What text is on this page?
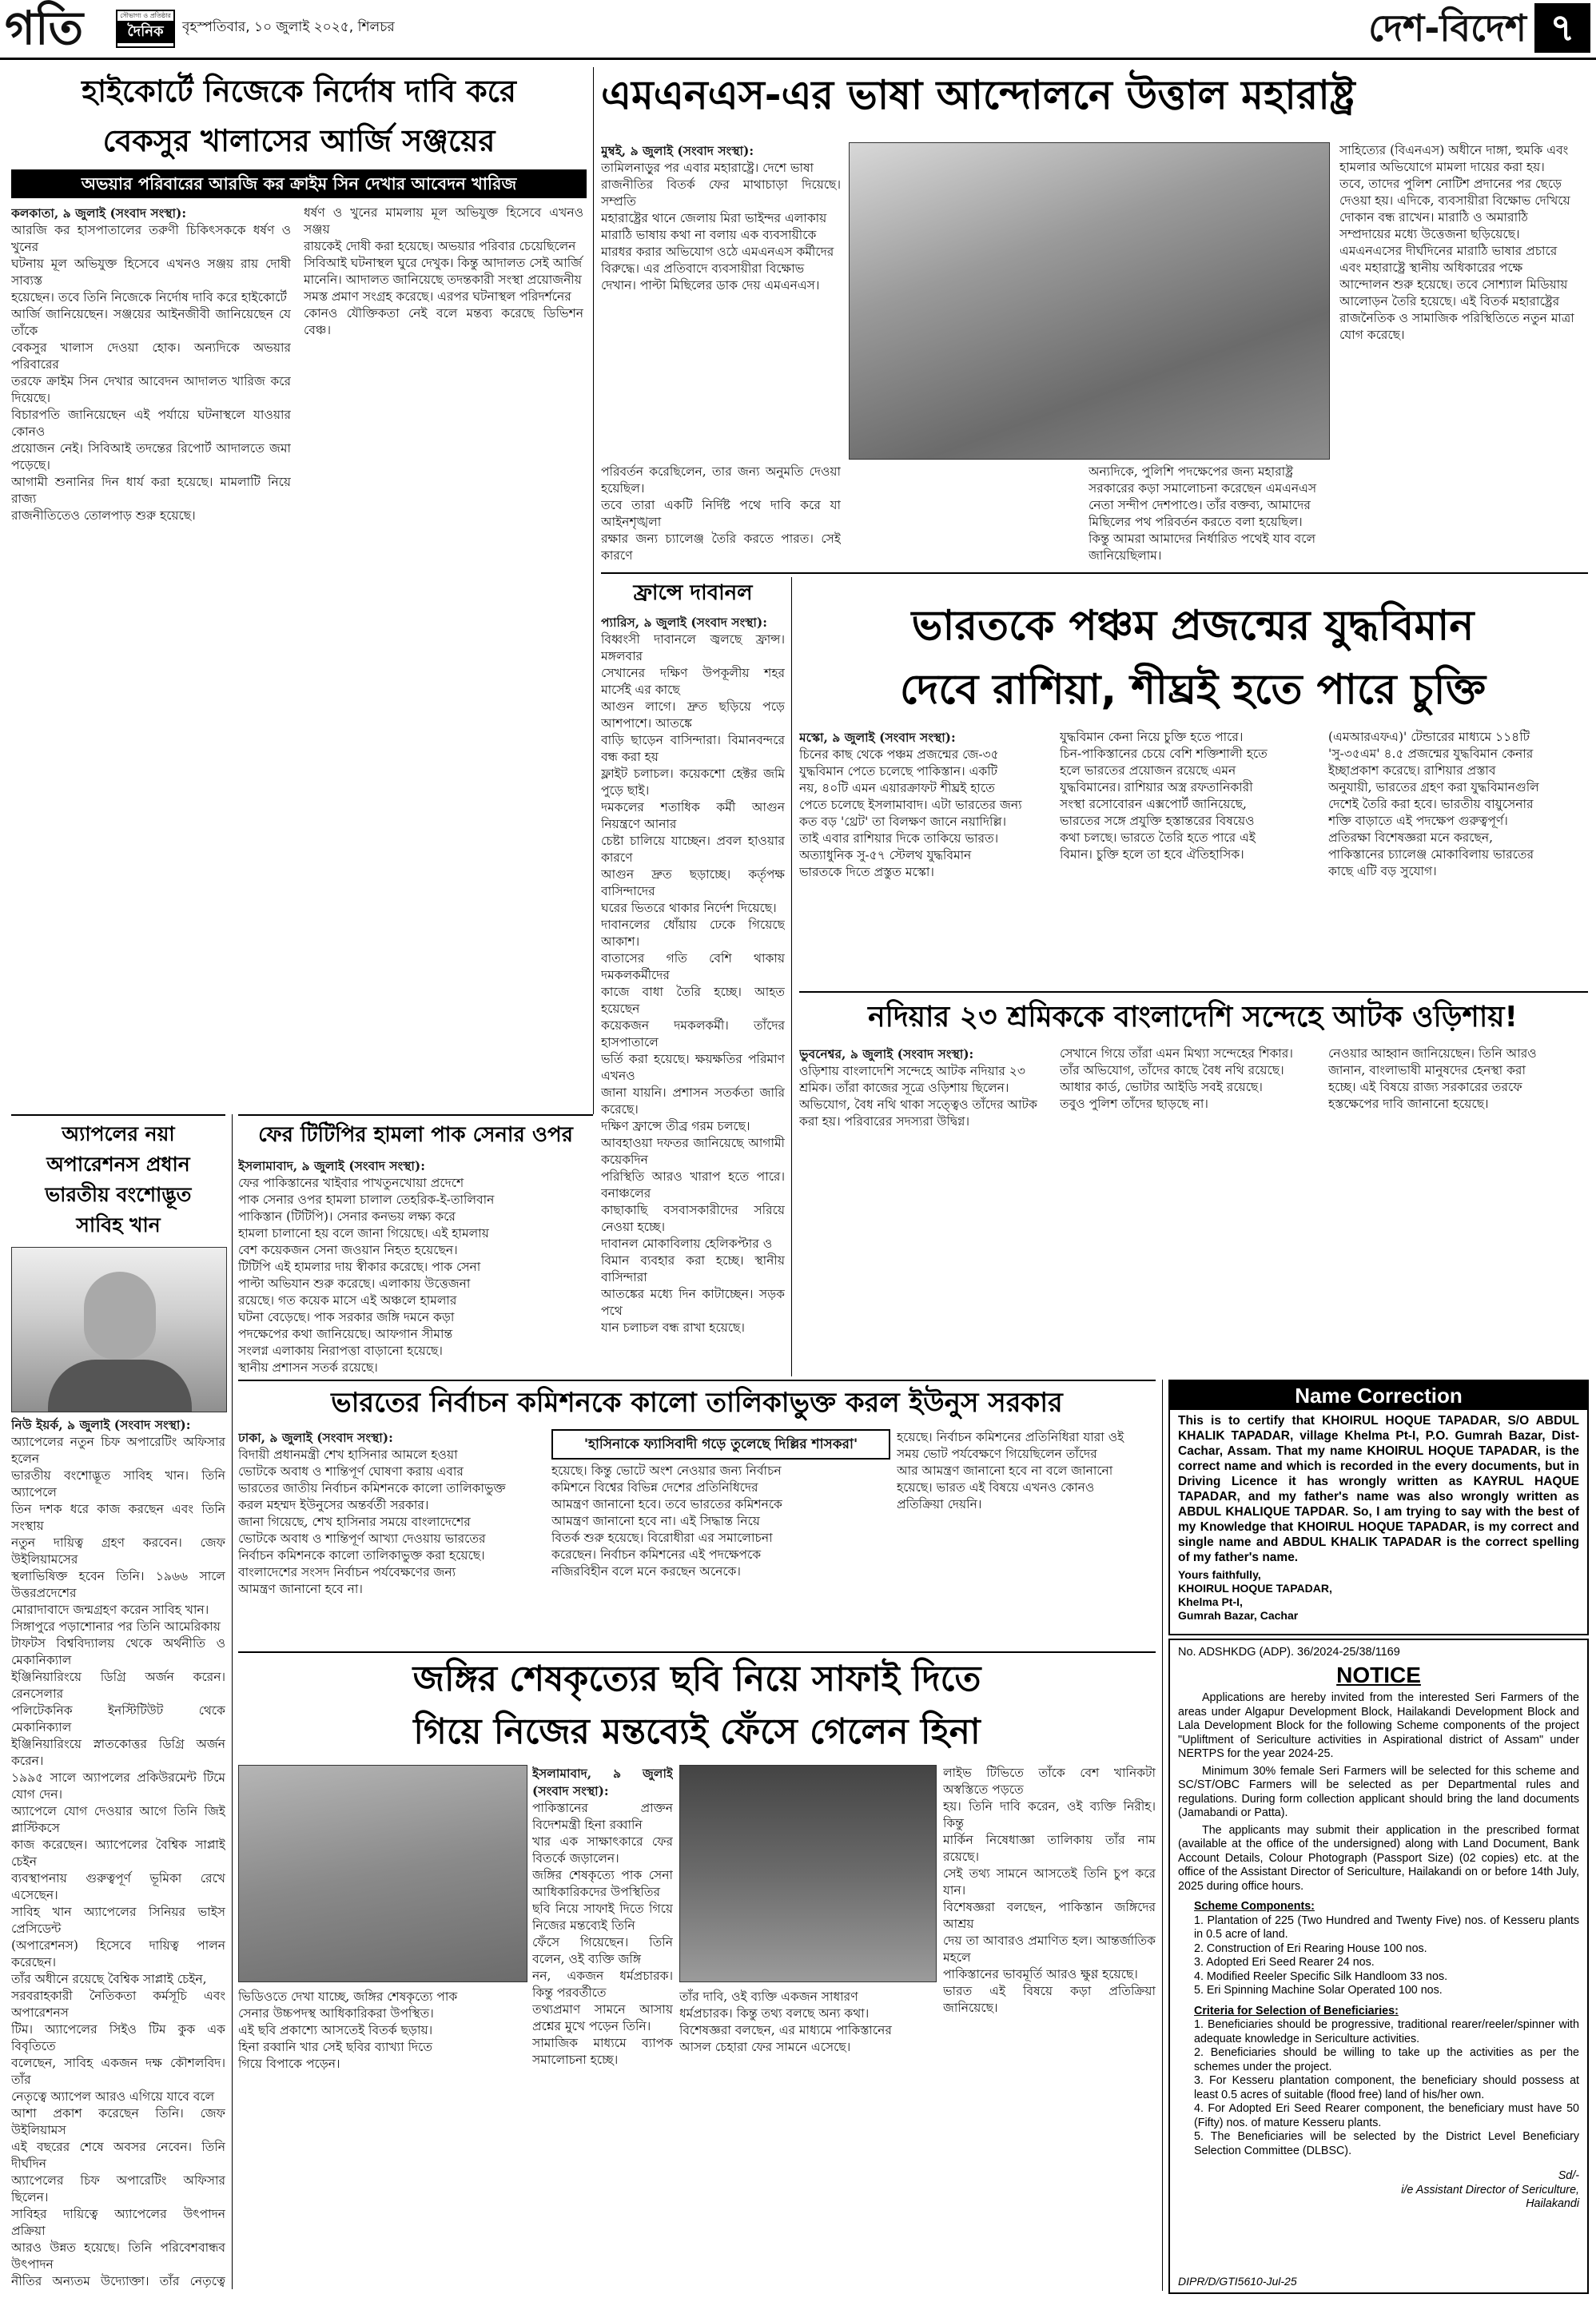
গতি	সৌভাগ্য ও প্রতিষ্ঠার
দৈনিক	বৃহস্পতিবার, ১০ জুলাই ২০২৫, শিলচর	দেশ-বিদেশ ৭
হাইকোর্টে নিজেকে নির্দোষ দাবি করে
বেকসুর খালাসের আর্জি সঞ্জয়ের
অভয়ার পরিবারের আরজি কর ক্রাইম সিন দেখার আবেদন খারিজ
কলকাতা, ৯ জুলাই (সংবাদ সংস্থা):
আরজি কর হাসপাতালের তরুণী চিকিৎসককে ধর্ষণ ও খুনের
ঘটনায় মূল অভিযুক্ত হিসেবে এখনও সঞ্জয় রায় দোষী সাব্যস্ত
হয়েছেন। তবে তিনি নিজেকে নির্দোষ দাবি করে হাইকোর্টে
আর্জি জানিয়েছেন। সঞ্জয়ের আইনজীবী জানিয়েছেন যে তাঁকে
বেকসুর খালাস দেওয়া হোক। অন্যদিকে অভয়ার পরিবারের
তরফে ক্রাইম সিন দেখার আবেদন আদালত খারিজ করে দিয়েছে।
বিচারপতি জানিয়েছেন এই পর্যায়ে ঘটনাস্থলে যাওয়ার কোনও
প্রয়োজন নেই। সিবিআই তদন্তের রিপোর্ট আদালতে জমা পড়েছে।
আগামী শুনানির দিন ধার্য করা হয়েছে। মামলাটি নিয়ে রাজ্য
রাজনীতিতেও তোলপাড় শুরু হয়েছে।
ধর্ষণ ও খুনের মামলায় মূল অভিযুক্ত হিসেবে এখনও সঞ্জয়
রায়কেই দোষী করা হয়েছে। অভয়ার পরিবার চেয়েছিলেন
সিবিআই ঘটনাস্থল ঘুরে দেখুক। কিন্তু আদালত সেই আর্জি
মানেনি। আদালত জানিয়েছে তদন্তকারী সংস্থা প্রয়োজনীয়
সমস্ত প্রমাণ সংগ্রহ করেছে। এরপর ঘটনাস্থল পরিদর্শনের
কোনও যৌক্তিকতা নেই বলে মন্তব্য করেছে ডিভিশন বেঞ্চ।
এমএনএস-এর ভাষা আন্দোলনে উত্তাল মহারাষ্ট্র
মুম্বই, ৯ জুলাই (সংবাদ সংস্থা):
তামিলনাড়ুর পর এবার মহারাষ্ট্রে। দেশে ভাষা
রাজনীতির বিতর্ক ফের মাথাচাড়া দিয়েছে। সম্প্রতি
মহারাষ্ট্রের থানে জেলায় মিরা ভাইন্দর এলাকায়
মারাঠি ভাষায় কথা না বলায় এক ব্যবসায়ীকে
মারধর করার অভিযোগ ওঠে এমএনএস কর্মীদের
বিরুদ্ধে। এর প্রতিবাদে ব্যবসায়ীরা বিক্ষোভ
দেখান। পাল্টা মিছিলের ডাক দেয় এমএনএস।
পরিবর্তন করেছিলেন, তার জন্য অনুমতি দেওয়া হয়েছিল।
তবে তারা একটি নির্দিষ্ট পথে দাবি করে যা আইনশৃঙ্খলা
রক্ষার জন্য চ্যালেঞ্জ তৈরি করতে পারত। সেই কারণে
অন্যদিকে, পুলিশি পদক্ষেপের জন্য মহারাষ্ট্র
সরকারের কড়া সমালোচনা করেছেন এমএনএস
নেতা সন্দীপ দেশপাণ্ডে। তাঁর বক্তব্য, আমাদের
মিছিলের পথ পরিবর্তন করতে বলা হয়েছিল।
কিন্তু আমরা আমাদের নির্ধারিত পথেই যাব বলে
জানিয়েছিলাম।
সাহিত্যের (বিএনএস) অধীনে দাঙ্গা, হুমকি এবং
হামলার অভিযোগে মামলা দায়ের করা হয়।
তবে, তাদের পুলিশ নোটিশ প্রদানের পর ছেড়ে
দেওয়া হয়। এদিকে, ব্যবসায়ীরা বিক্ষোভ দেখিয়ে
দোকান বন্ধ রাখেন। মারাঠি ও অমারাঠি
সম্প্রদায়ের মধ্যে উত্তেজনা ছড়িয়েছে।
এমএনএসের দীর্ঘদিনের মারাঠি ভাষার প্রচারে
এবং মহারাষ্ট্রে স্থানীয় অধিকারের পক্ষে
আন্দোলন শুরু হয়েছে। তবে সোশ্যাল মিডিয়ায়
আলোড়ন তৈরি হয়েছে। এই বিতর্ক মহারাষ্ট্রের
রাজনৈতিক ও সামাজিক পরিস্থিতিতে নতুন মাত্রা
যোগ করেছে।
ফ্রান্সে দাবানল
প্যারিস, ৯ জুলাই (সংবাদ সংস্থা):
বিধ্বংসী দাবানলে জ্বলছে ফ্রান্স। মঙ্গলবার
সেখানের দক্ষিণ উপকূলীয় শহর মার্সেই এর কাছে
আগুন লাগে। দ্রুত ছড়িয়ে পড়ে আশপাশে। আতঙ্কে
বাড়ি ছাড়েন বাসিন্দারা। বিমানবন্দরে বন্ধ করা হয়
ফ্লাইট চলাচল। কয়েকশো হেক্টর জমি পুড়ে ছাই।
দমকলের শতাধিক কর্মী আগুন নিয়ন্ত্রণে আনার
চেষ্টা চালিয়ে যাচ্ছেন। প্রবল হাওয়ার কারণে
আগুন দ্রুত ছড়াচ্ছে। কর্তৃপক্ষ বাসিন্দাদের
ঘরের ভিতরে থাকার নির্দেশ দিয়েছে।
দাবানলের ধোঁয়ায় ঢেকে গিয়েছে আকাশ।
বাতাসের গতি বেশি থাকায় দমকলকর্মীদের
কাজে বাধা তৈরি হচ্ছে। আহত হয়েছেন
কয়েকজন দমকলকর্মী। তাঁদের হাসপাতালে
ভর্তি করা হয়েছে। ক্ষয়ক্ষতির পরিমাণ এখনও
জানা যায়নি। প্রশাসন সতর্কতা জারি করেছে।
দক্ষিণ ফ্রান্সে তীব্র গরম চলছে।
আবহাওয়া দফতর জানিয়েছে আগামী কয়েকদিন
পরিস্থিতি আরও খারাপ হতে পারে। বনাঞ্চলের
কাছাকাছি বসবাসকারীদের সরিয়ে নেওয়া হচ্ছে।
দাবানল মোকাবিলায় হেলিকপ্টার ও
বিমান ব্যবহার করা হচ্ছে। স্থানীয় বাসিন্দারা
আতঙ্কের মধ্যে দিন কাটাচ্ছেন। সড়ক পথে
যান চলাচল বন্ধ রাখা হয়েছে।
ভারতকে পঞ্চম প্রজন্মের যুদ্ধবিমান
দেবে রাশিয়া, শীঘ্রই হতে পারে চুক্তি
মস্কো, ৯ জুলাই (সংবাদ সংস্থা):
চিনের কাছ থেকে পঞ্চম প্রজন্মের জে-৩৫
যুদ্ধবিমান পেতে চলেছে পাকিস্তান। একটি
নয়, ৪০টি এমন এয়ারক্রাফট শীঘ্রই হাতে
পেতে চলেছে ইসলামাবাদ। এটা ভারতের জন্য
কত বড় 'থ্রেট' তা বিলক্ষণ জানে নয়াদিল্লি।
তাই এবার রাশিয়ার দিকে তাকিয়ে ভারত।
অত্যাধুনিক সু-৫৭ স্টেলথ যুদ্ধবিমান
ভারতকে দিতে প্রস্তুত মস্কো।
যুদ্ধবিমান কেনা নিয়ে চুক্তি হতে পারে।
চিন-পাকিস্তানের চেয়ে বেশি শক্তিশালী হতে
হলে ভারতের প্রয়োজন রয়েছে এমন
যুদ্ধবিমানের। রাশিয়ার অস্ত্র রফতানিকারী
সংস্থা রসোবোরন এক্সপোর্ট জানিয়েছে,
ভারতের সঙ্গে প্রযুক্তি হস্তান্তরের বিষয়েও
কথা চলছে। ভারতে তৈরি হতে পারে এই
বিমান। চুক্তি হলে তা হবে ঐতিহাসিক।
(এমআরএফএ)' টেন্ডারের মাধ্যমে ১১৪টি
'সু-৩৫এম' ৪.৫ প্রজন্মের যুদ্ধবিমান কেনার
ইচ্ছাপ্রকাশ করেছে। রাশিয়ার প্রস্তাব
অনুযায়ী, ভারতের গ্রহণ করা যুদ্ধবিমানগুলি
দেশেই তৈরি করা হবে। ভারতীয় বায়ুসেনার
শক্তি বাড়াতে এই পদক্ষেপ গুরুত্বপূর্ণ।
প্রতিরক্ষা বিশেষজ্ঞরা মনে করছেন,
পাকিস্তানের চ্যালেঞ্জ মোকাবিলায় ভারতের
কাছে এটি বড় সুযোগ।
নদিয়ার ২৩ শ্রমিককে বাংলাদেশি সন্দেহে আটক ওড়িশায়!
ভুবনেশ্বর, ৯ জুলাই (সংবাদ সংস্থা):
ওড়িশায় বাংলাদেশি সন্দেহে আটক নদিয়ার ২৩
শ্রমিক। তাঁরা কাজের সূত্রে ওড়িশায় ছিলেন।
অভিযোগ, বৈধ নথি থাকা সত্ত্বেও তাঁদের আটক
করা হয়। পরিবারের সদস্যরা উদ্বিগ্ন।
সেখানে গিয়ে তাঁরা এমন মিথ্যা সন্দেহের শিকার।
তাঁর অভিযোগ, তাঁদের কাছে বৈধ নথি রয়েছে।
আধার কার্ড, ভোটার আইডি সবই রয়েছে।
তবুও পুলিশ তাঁদের ছাড়ছে না।
নেওয়ার আহ্বান জানিয়েছেন। তিনি আরও
জানান, বাংলাভাষী মানুষদের হেনস্থা করা
হচ্ছে। এই বিষয়ে রাজ্য সরকারের তরফে
হস্তক্ষেপের দাবি জানানো হয়েছে।
অ্যাপলের নয়া
অপারেশনস প্রধান
ভারতীয় বংশোদ্ভূত
সাবিহ খান
নিউ ইয়র্ক, ৯ জুলাই (সংবাদ সংস্থা):
অ্যাপেলের নতুন চিফ অপারেটিং অফিসার হলেন
ভারতীয় বংশোদ্ভূত সাবিহ খান। তিনি অ্যাপেলে
তিন দশক ধরে কাজ করছেন এবং তিনি সংস্থায়
নতুন দায়িত্ব গ্রহণ করবেন। জেফ উইলিয়ামসের
স্থলাভিষিক্ত হবেন তিনি। ১৯৬৬ সালে উত্তরপ্রদেশের
মোরাদাবাদে জন্মগ্রহণ করেন সাবিহ খান।
সিঙ্গাপুরে পড়াশোনার পর তিনি আমেরিকায়
টাফটস বিশ্ববিদ্যালয় থেকে অর্থনীতি ও মেকানিক্যাল
ইঞ্জিনিয়ারিংয়ে ডিগ্রি অর্জন করেন। রেনসেলার
পলিটেকনিক ইনস্টিটিউট থেকে মেকানিক্যাল
ইঞ্জিনিয়ারিংয়ে স্নাতকোত্তর ডিগ্রি অর্জন করেন।
১৯৯৫ সালে অ্যাপলের প্রকিউরমেন্ট টিমে যোগ দেন।
অ্যাপেলে যোগ দেওয়ার আগে তিনি জিই প্লাস্টিকসে
কাজ করেছেন। অ্যাপেলের বৈশ্বিক সাপ্লাই চেইন
ব্যবস্থাপনায় গুরুত্বপূর্ণ ভূমিকা রেখে এসেছেন।
সাবিহ খান অ্যাপেলের সিনিয়র ভাইস প্রেসিডেন্ট
(অপারেশনস) হিসেবে দায়িত্ব পালন করেছেন।
তাঁর অধীনে রয়েছে বৈশ্বিক সাপ্লাই চেইন,
সরবরাহকারী নৈতিকতা কর্মসূচি এবং অপারেশনস
টিম। অ্যাপেলের সিইও টিম কুক এক বিবৃতিতে
বলেছেন, সাবিহ একজন দক্ষ কৌশলবিদ। তাঁর
নেতৃত্বে অ্যাপেল আরও এগিয়ে যাবে বলে
আশা প্রকাশ করেছেন তিনি। জেফ উইলিয়ামস
এই বছরের শেষে অবসর নেবেন। তিনি দীর্ঘদিন
অ্যাপেলের চিফ অপারেটিং অফিসার ছিলেন।
সাবিহর দায়িত্বে অ্যাপেলের উৎপাদন প্রক্রিয়া
আরও উন্নত হয়েছে। তিনি পরিবেশবান্ধব উৎপাদন
নীতির অন্যতম উদ্যোক্তা। তাঁর নেতৃত্বে
ফের টিটিপির হামলা পাক সেনার ওপর
ইসলামাবাদ, ৯ জুলাই (সংবাদ সংস্থা):
ফের পাকিস্তানের খাইবার পাখতুনখোয়া প্রদেশে
পাক সেনার ওপর হামলা চালাল তেহরিক-ই-তালিবান
পাকিস্তান (টিটিপি)। সেনার কনভয় লক্ষ্য করে
হামলা চালানো হয় বলে জানা গিয়েছে। এই হামলায়
বেশ কয়েকজন সেনা জওয়ান নিহত হয়েছেন।
টিটিপি এই হামলার দায় স্বীকার করেছে। পাক সেনা
পাল্টা অভিযান শুরু করেছে। এলাকায় উত্তেজনা
রয়েছে। গত কয়েক মাসে এই অঞ্চলে হামলার
ঘটনা বেড়েছে। পাক সরকার জঙ্গি দমনে কড়া
পদক্ষেপের কথা জানিয়েছে। আফগান সীমান্ত
সংলগ্ন এলাকায় নিরাপত্তা বাড়ানো হয়েছে।
স্থানীয় প্রশাসন সতর্ক রয়েছে।
ভারতের নির্বাচন কমিশনকে কালো তালিকাভুক্ত করল ইউনুস সরকার
ঢাকা, ৯ জুলাই (সংবাদ সংস্থা):
বিদায়ী প্রধানমন্ত্রী শেখ হাসিনার আমলে হওয়া
ভোটকে অবাধ ও শান্তিপূর্ণ ঘোষণা করায় এবার
ভারতের জাতীয় নির্বাচন কমিশনকে কালো তালিকাভুক্ত
করল মহম্মদ ইউনুসের অন্তর্বর্তী সরকার।
জানা গিয়েছে, শেখ হাসিনার সময়ে বাংলাদেশের
ভোটকে অবাধ ও শান্তিপূর্ণ আখ্যা দেওয়ায় ভারতের
নির্বাচন কমিশনকে কালো তালিকাভুক্ত করা হয়েছে।
বাংলাদেশের সংসদ নির্বাচন পর্যবেক্ষণের জন্য
আমন্ত্রণ জানানো হবে না।
'হাসিনাকে ফ্যাসিবাদী গড়ে তুলেছে দিল্লির শাসকরা'
হয়েছে। কিন্তু ভোটে অংশ নেওয়ার জন্য নির্বাচন
কমিশনে বিশ্বের বিভিন্ন দেশের প্রতিনিধিদের
আমন্ত্রণ জানানো হবে। তবে ভারতের কমিশনকে
আমন্ত্রণ জানানো হবে না। এই সিদ্ধান্ত নিয়ে
বিতর্ক শুরু হয়েছে। বিরোধীরা এর সমালোচনা
করেছেন। নির্বাচন কমিশনের এই পদক্ষেপকে
নজিরবিহীন বলে মনে করছেন অনেকে।
হয়েছে। নির্বাচন কমিশনের প্রতিনিধিরা যারা ওই
সময় ভোট পর্যবেক্ষণে গিয়েছিলেন তাঁদের
আর আমন্ত্রণ জানানো হবে না বলে জানানো
হয়েছে। ভারত এই বিষয়ে এখনও কোনও
প্রতিক্রিয়া দেয়নি।
জঙ্গির শেষকৃত্যের ছবি নিয়ে সাফাই দিতে
গিয়ে নিজের মন্তব্যেই ফেঁসে গেলেন হিনা
ইসলামাবাদ, ৯ জুলাই (সংবাদ সংস্থা):
পাকিস্তানের প্রাক্তন বিদেশমন্ত্রী হিনা রব্বানি
খার এক সাক্ষাৎকারে ফের বিতর্কে জড়ালেন।
জঙ্গির শেষকৃত্যে পাক সেনা আধিকারিকদের উপস্থিতির
ছবি নিয়ে সাফাই দিতে গিয়ে নিজের মন্তব্যেই তিনি
ফেঁসে গিয়েছেন। তিনি বলেন, ওই ব্যক্তি জঙ্গি
নন, একজন ধর্মপ্রচারক। কিন্তু পরবর্তীতে
তথ্যপ্রমাণ সামনে আসায় প্রশ্নের মুখে পড়েন তিনি।
সামাজিক মাধ্যমে ব্যাপক সমালোচনা হচ্ছে।
লাইভ টিভিতে তাঁকে বেশ খানিকটা অস্বস্তিতে পড়তে
হয়। তিনি দাবি করেন, ওই ব্যক্তি নিরীহ। কিন্তু
মার্কিন নিষেধাজ্ঞা তালিকায় তাঁর নাম রয়েছে।
সেই তথ্য সামনে আসতেই তিনি চুপ করে যান।
বিশেষজ্ঞরা বলছেন, পাকিস্তান জঙ্গিদের আশ্রয়
দেয় তা আবারও প্রমাণিত হল। আন্তর্জাতিক মহলে
পাকিস্তানের ভাবমূর্তি আরও ক্ষুণ্ণ হয়েছে।
ভারত এই বিষয়ে কড়া প্রতিক্রিয়া জানিয়েছে।
ভিডিওতে দেখা যাচ্ছে, জঙ্গির শেষকৃত্যে পাক
সেনার উচ্চপদস্থ আধিকারিকরা উপস্থিত।
এই ছবি প্রকাশ্যে আসতেই বিতর্ক ছড়ায়।
হিনা রব্বানি খার সেই ছবির ব্যাখ্যা দিতে
গিয়ে বিপাকে পড়েন।
তাঁর দাবি, ওই ব্যক্তি একজন সাধারণ
ধর্মপ্রচারক। কিন্তু তথ্য বলছে অন্য কথা।
বিশেষজ্ঞরা বলছেন, এর মাধ্যমে পাকিস্তানের
আসল চেহারা ফের সামনে এসেছে।
Name Correction
This is to certify that KHOIRUL HOQUE TAPADAR, S/O ABDUL KHALIK TAPADAR, village Khelma Pt-I, P.O. Gumrah Bazar, Dist-Cachar, Assam. That my name KHOIRUL HOQUE TAPADAR, is the correct name and which is recorded in the every documents, but in Driving Licence it has wrongly written as KAYRUL HAQUE TAPADAR, and my father's name was also wrongly written as ABDUL KHALIQUE TAPDAR. So, I am trying to say with the best of my Knowledge that KHOIRUL HOQUE TAPADAR, is my correct and single name and ABDUL KHALIK TAPADAR is the correct spelling of my father's name.
Yours faithfully,
KHOIRUL HOQUE TAPADAR,
Khelma Pt-I,
Gumrah Bazar, Cachar
No. ADSHKDG (ADP). 36/2024-25/38/1169
NOTICE
Applications are hereby invited from the interested Seri Farmers of the areas under Algapur Development Block, Hailakandi Development Block and Lala Development Block for the following Scheme components of the project "Upliftment of Sericulture activities in Aspirational district of Assam" under NERTPS for the year 2024-25.
Minimum 30% female Seri Farmers will be selected for this scheme and SC/ST/OBC Farmers will be selected as per Departmental rules and regulations. During form collection applicant should bring the land documents (Jamabandi or Patta).
The applicants may submit their application in the prescribed format (available at the office of the undersigned) along with Land Document, Bank Account Details, Colour Photograph (Passport Size) (02 copies) etc. at the office of the Assistant Director of Sericulture, Hailakandi on or before 14th July, 2025 during office hours.
Scheme Components:
1. Plantation of 225 (Two Hundred and Twenty Five) nos. of Kesseru plants in 0.5 acre of land.
2. Construction of Eri Rearing House 100 nos.
3. Adopted Eri Seed Rearer 24 nos.
4. Modified Reeler Specific Silk Handloom 33 nos.
5. Eri Spinning Machine Solar Operated 100 nos.
Criteria for Selection of Beneficiaries:
1. Beneficiaries should be progressive, traditional rearer/reeler/spinner with adequate knowledge in Sericulture activities.
2. Beneficiaries should be willing to take up the activities as per the schemes under the project.
3. For Kesseru plantation component, the beneficiary should possess at least 0.5 acres of suitable (flood free) land of his/her own.
4. For Adopted Eri Seed Rearer component, the beneficiary must have 50 (Fifty) nos. of mature Kesseru plants.
5. The Beneficiaries will be selected by the District Level Beneficiary Selection Committee (DLBSC).
Sd/-
i/e Assistant Director of Sericulture,
Hailakandi
DIPR/D/GTI5610-Jul-25
